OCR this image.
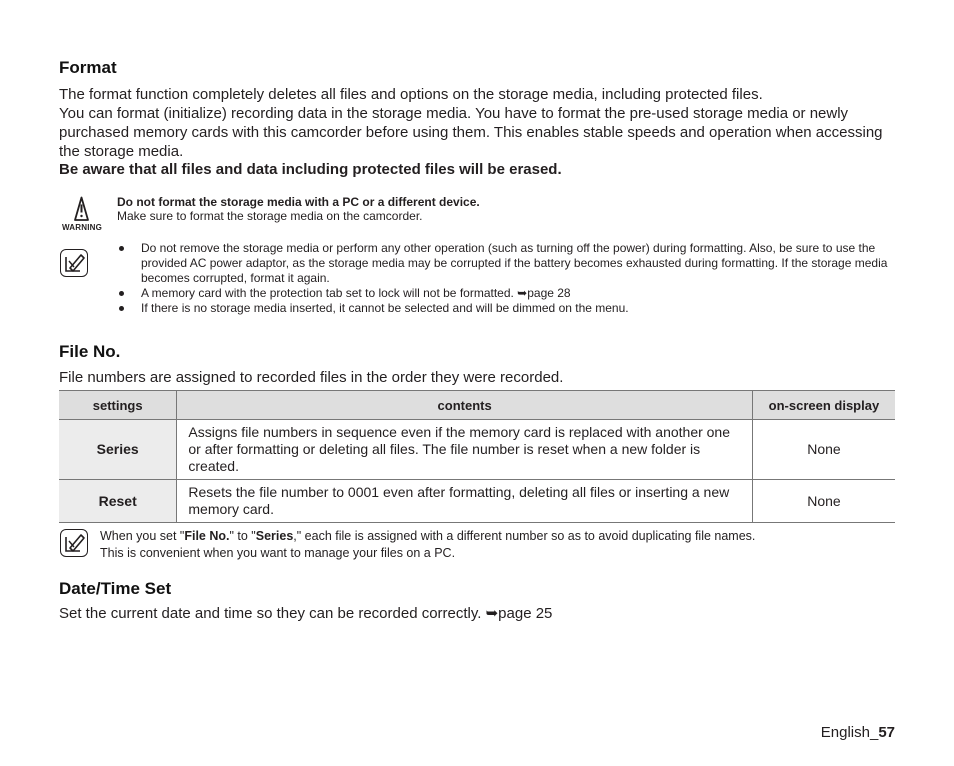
Format
The format function completely deletes all files and options on the storage media, including protected files.
You can format (initialize) recording data in the storage media. You have to format the pre-used storage media or newly purchased memory cards with this camcorder before using them. This enables stable speeds and operation when accessing the storage media.
Be aware that all files and data including protected files will be erased.
WARNING
Do not format the storage media with a PC or a different device.
Make sure to format the storage media on the camcorder.
Do not remove the storage media or perform any other operation (such as turning off the power) during formatting. Also, be sure to use the provided AC power adaptor, as the storage media may be corrupted if the battery becomes exhausted during formatting. If the storage media becomes corrupted, format it again.
A memory card with the protection tab set to lock will not be formatted. ➥page 28
If there is no storage media inserted, it cannot be selected and will be dimmed on the menu.
File No.
File numbers are assigned to recorded files in the order they were recorded.
settings	contents	on-screen display
Series	Assigns file numbers in sequence even if the memory card is replaced with another one or after formatting or deleting all files. The file number is reset when a new folder is created.	None
Reset	Resets the file number to 0001 even after formatting, deleting all files or inserting a new memory card.	None
When you set "File No." to "Series," each file is assigned with a different number so as to avoid duplicating file names.
This is convenient when you want to manage your files on a PC.
Date/Time Set
Set the current date and time so they can be recorded correctly. ➥page 25
English_57
